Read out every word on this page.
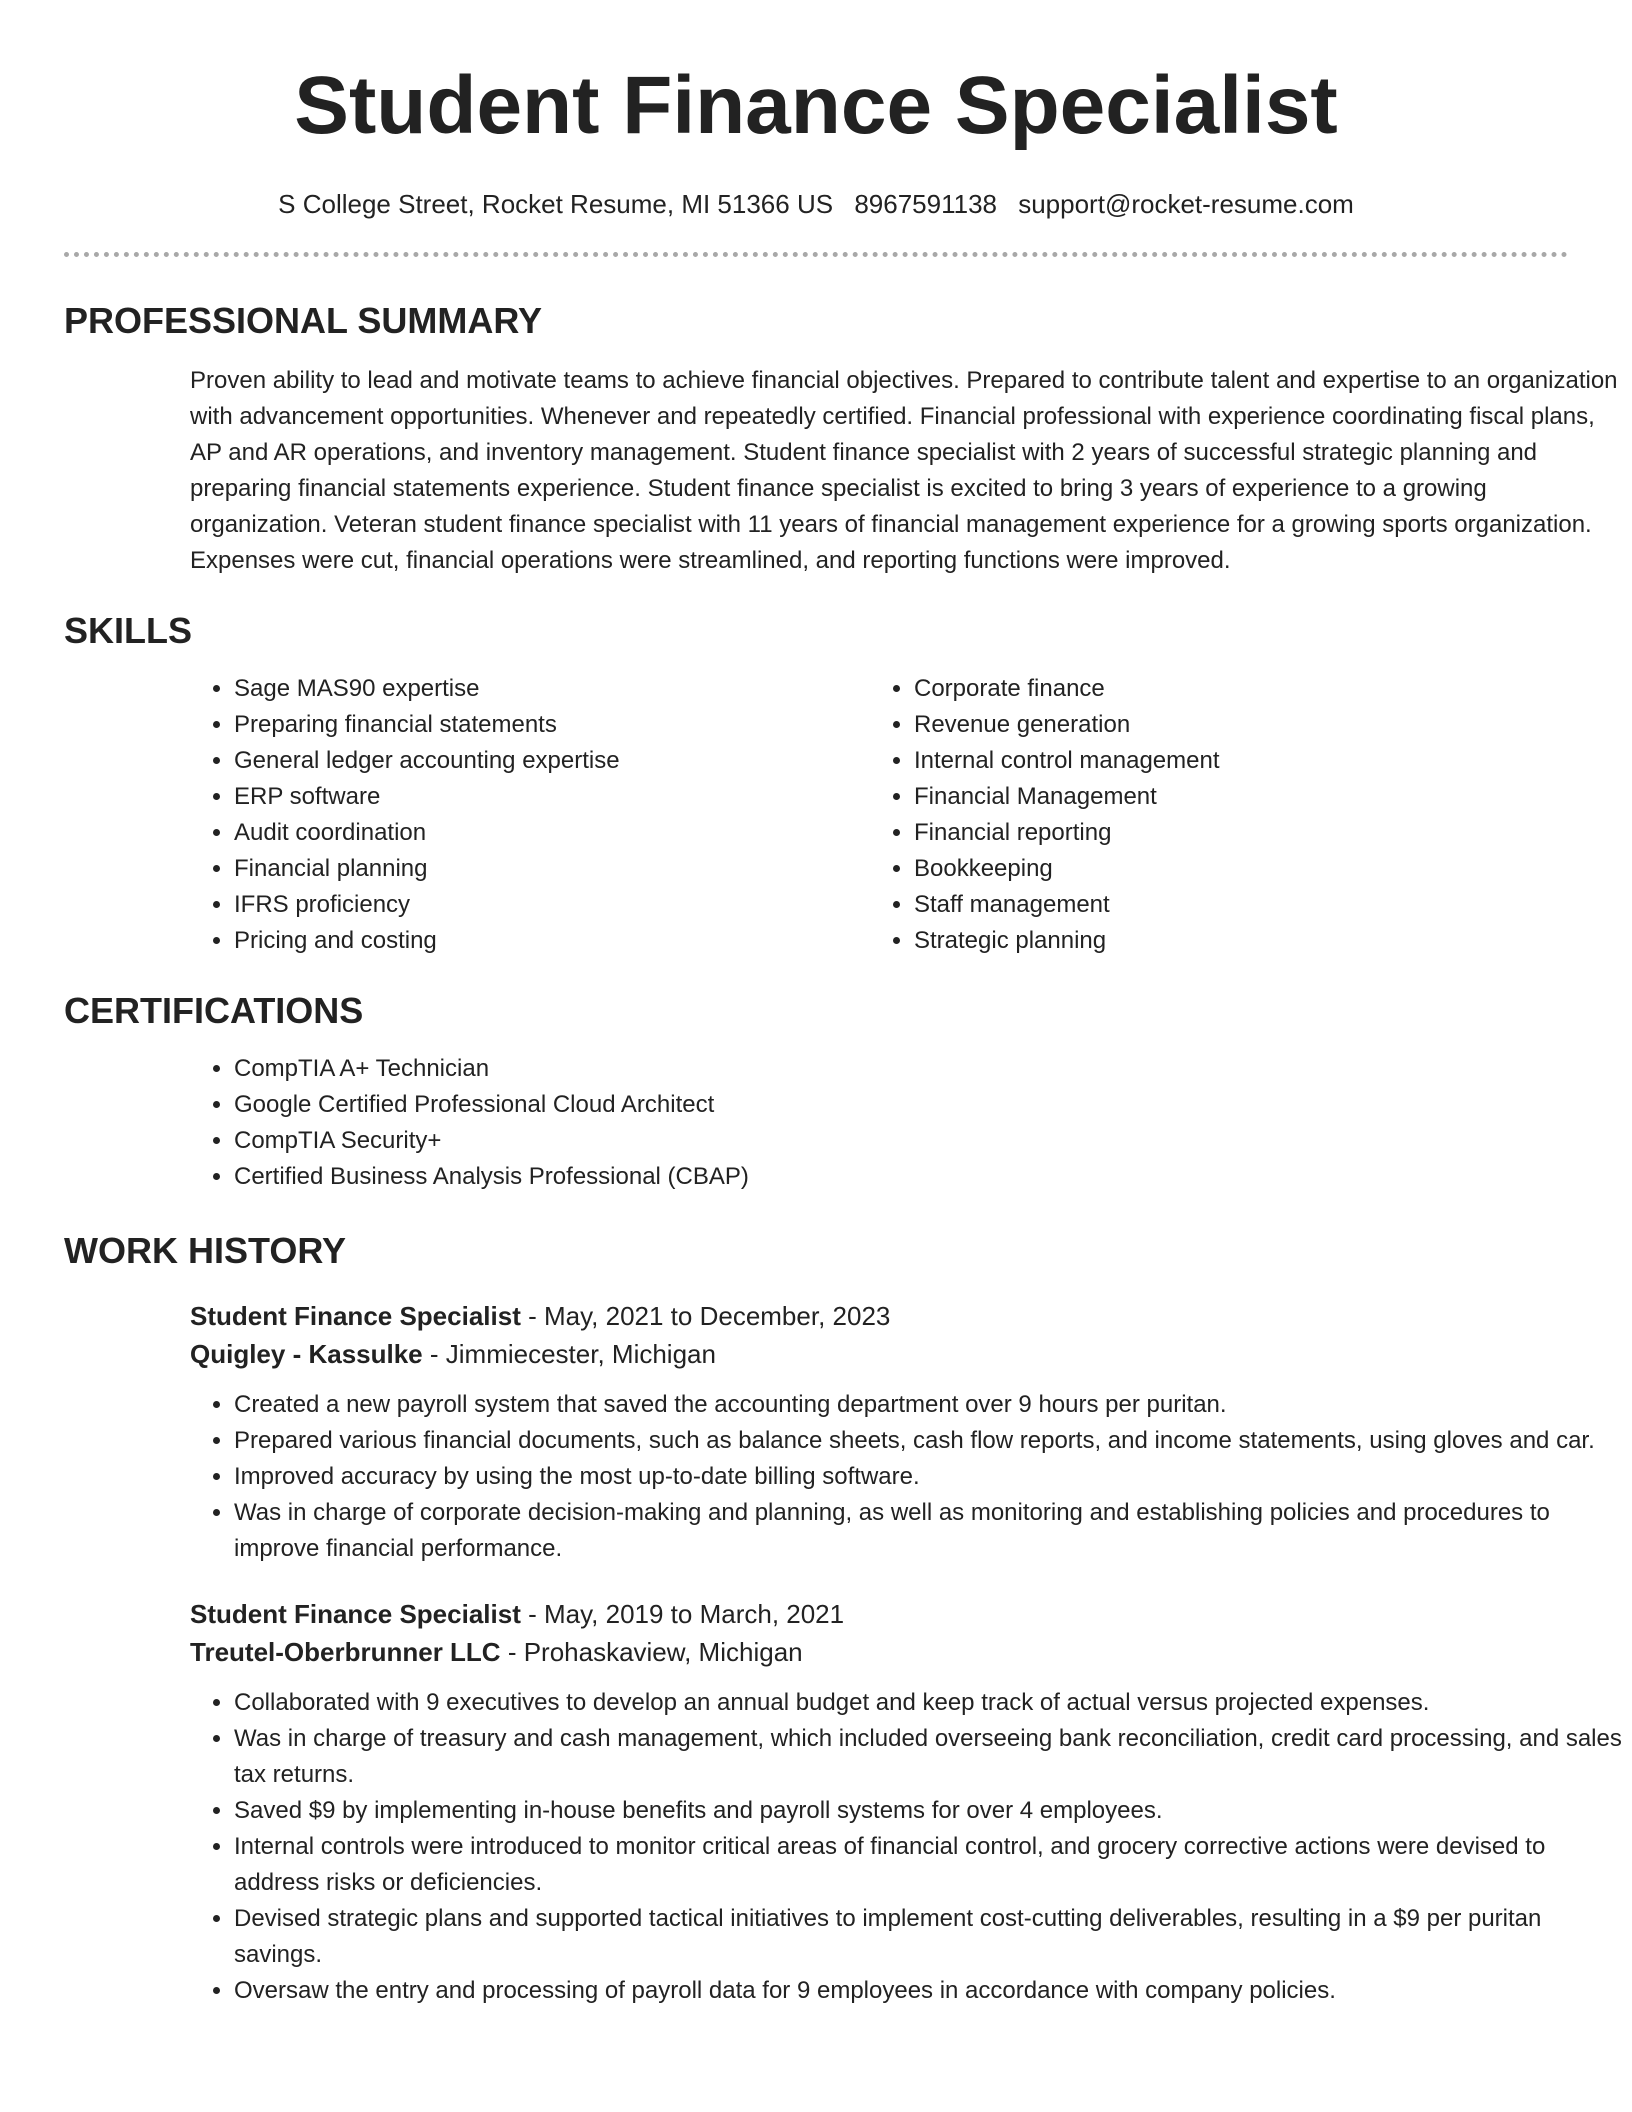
Student Finance Specialist
S College Street, Rocket Resume, MI 51366 US 8967591138 support@rocket-resume.com
PROFESSIONAL SUMMARY

Proven ability to lead and motivate teams to achieve financial objectives. Prepared to contribute talent and expertise to an organization with advancement opportunities. Whenever and repeatedly certified. Financial professional with experience coordinating fiscal plans, AP and AR operations, and inventory management. Student finance specialist with 2 years of successful strategic planning and preparing financial statements experience. Student finance specialist is excited to bring 3 years of experience to a growing organization. Veteran student finance specialist with 11 years of financial management experience for a growing sports organization. Expenses were cut, financial operations were streamlined, and reporting functions were improved.

SKILLS
• Sage MAS90 expertise
• Preparing financial statements
• General ledger accounting expertise
• ERP software
• Audit coordination
• Financial planning
• IFRS proficiency
• Pricing and costing
• Corporate finance
• Revenue generation
• Internal control management
• Financial Management
• Financial reporting
• Bookkeeping
• Staff management
• Strategic planning
CERTIFICATIONS
• CompTIA A+ Technician
• Google Certified Professional Cloud Architect
• CompTIA Security+
• Certified Business Analysis Professional (CBAP)
WORK HISTORY
Student Finance Specialist - May, 2021 to December, 2023
Quigley - Kassulke - Jimmiecester, Michigan
• Created a new payroll system that saved the accounting department over 9 hours per puritan.
• Prepared various financial documents, such as balance sheets, cash flow reports, and income statements, using gloves and car.
• Improved accuracy by using the most up-to-date billing software.
• Was in charge of corporate decision-making and planning, as well as monitoring and establishing policies and procedures to improve financial performance.
Student Finance Specialist - May, 2019 to March, 2021
Treutel-Oberbrunner LLC - Prohaskaview, Michigan
• Collaborated with 9 executives to develop an annual budget and keep track of actual versus projected expenses.
• Was in charge of treasury and cash management, which included overseeing bank reconciliation, credit card processing, and sales tax returns.
• Saved $9 by implementing in-house benefits and payroll systems for over 4 employees.
• Internal controls were introduced to monitor critical areas of financial control, and grocery corrective actions were devised to address risks or deficiencies.
• Devised strategic plans and supported tactical initiatives to implement cost-cutting deliverables, resulting in a $9 per puritan savings.
• Oversaw the entry and processing of payroll data for 9 employees in accordance with company policies.
